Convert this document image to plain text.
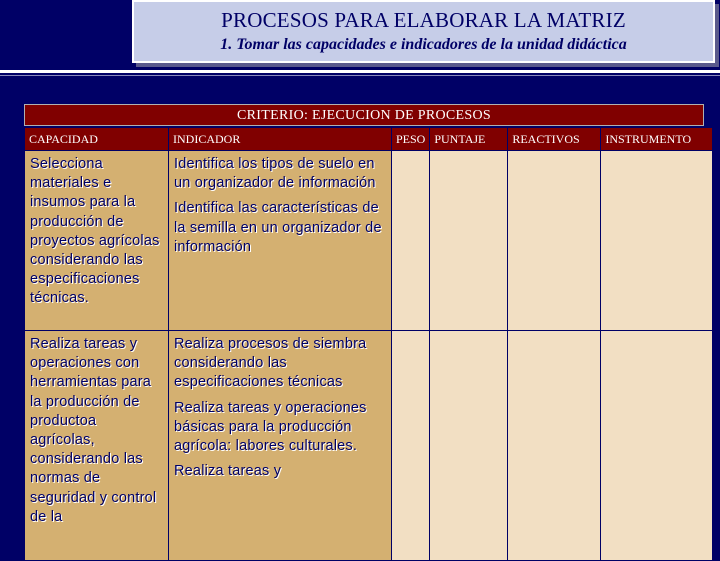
PROCESOS PARA ELABORAR LA MATRIZ
1. Tomar las capacidades e indicadores de la unidad didáctica
CRITERIO: EJECUCION DE PROCESOS
CAPACIDAD	INDICADOR	PESO	PUNTAJE	REACTIVOS	INSTRUMENTO
Selecciona materiales e insumos para la producción de proyectos agrícolas considerando las especificaciones técnicas.	Identifica los tipos de suelo en un organizador de información
Identifica las características de la semilla en un organizador de información				

Realiza tareas y operaciones con herramientas para la producción de productoa agrícolas, considerando las normas de seguridad y control de la	Realiza procesos de siembra considerando las especificaciones técnicas
Realiza tareas y operaciones básicas para la producción agrícola: labores culturales.
Realiza tareas y				
